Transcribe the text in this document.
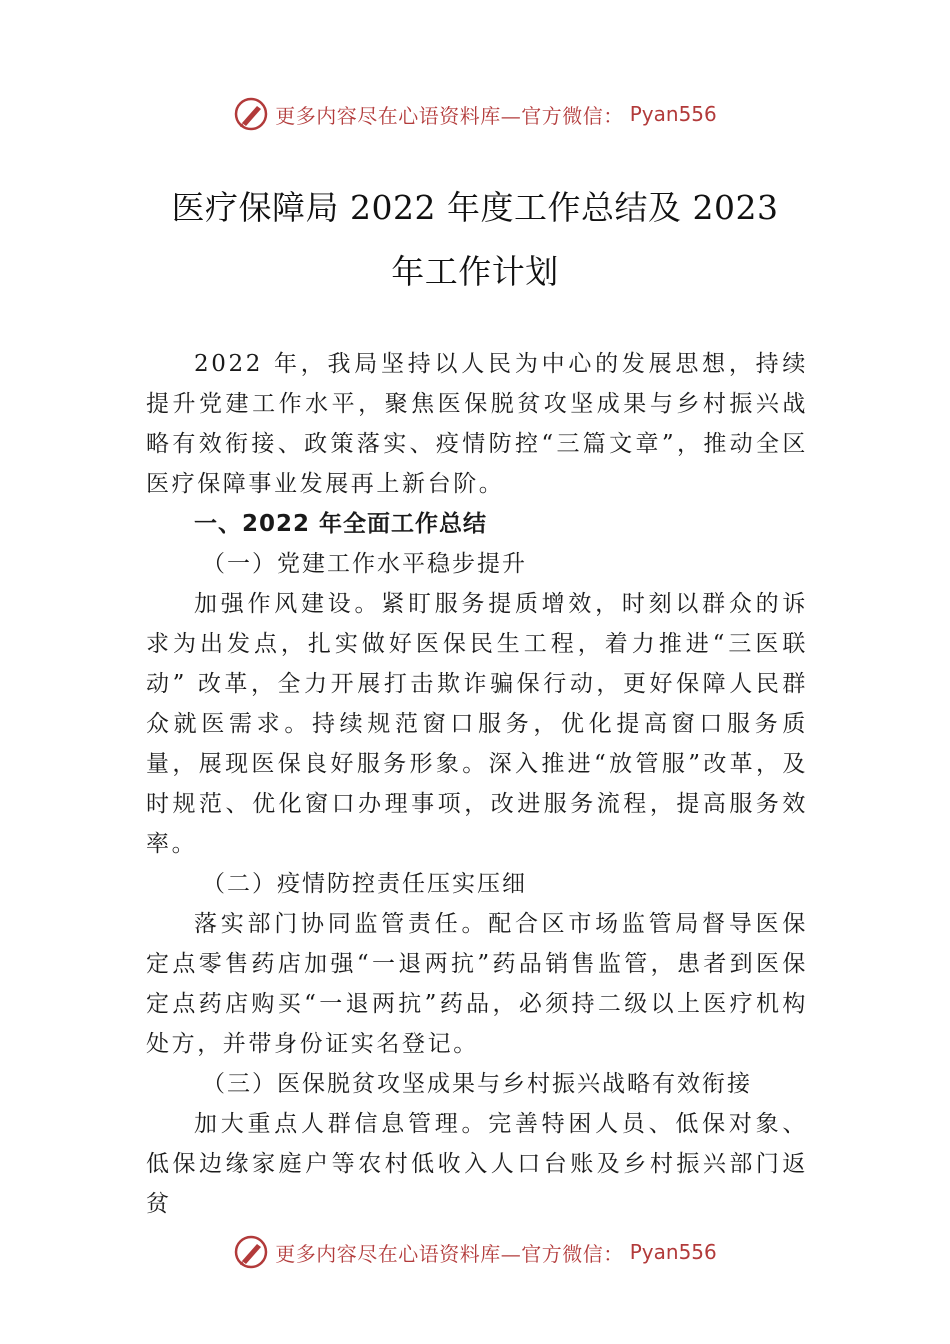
更多内容尽在心语资料库—官方微信： Pyan556
医疗保障局 2022 年度工作总结及 2023
年工作计划

2022 年，我局坚持以人民为中心的发展思想，持续提升党建工作水平，聚焦医保脱贫攻坚成果与乡村振兴战略有效衔接、政策落实、疫情防控“三篇文章”，推动全区医疗保障事业发展再上新台阶。

一、2022 年全面工作总结

（一）党建工作水平稳步提升

加强作风建设。紧盯服务提质增效，时刻以群众的诉求为出发点，扎实做好医保民生工程，着力推进“三医联动” 改革，全力开展打击欺诈骗保行动，更好保障人民群众就医需求。持续规范窗口服务，优化提高窗口服务质量，展现医保良好服务形象。深入推进“放管服”改革，及时规范、优化窗口办理事项，改进服务流程，提高服务效率。

（二）疫情防控责任压实压细

落实部门协同监管责任。配合区市场监管局督导医保定点零售药店加强“一退两抗”药品销售监管，患者到医保定点药店购买“一退两抗”药品，必须持二级以上医疗机构处方，并带身份证实名登记。

（三）医保脱贫攻坚成果与乡村振兴战略有效衔接

加大重点人群信息管理。完善特困人员、低保对象、低保边缘家庭户等农村低收入人口台账及乡村振兴部门返贫

更多内容尽在心语资料库—官方微信： Pyan556
